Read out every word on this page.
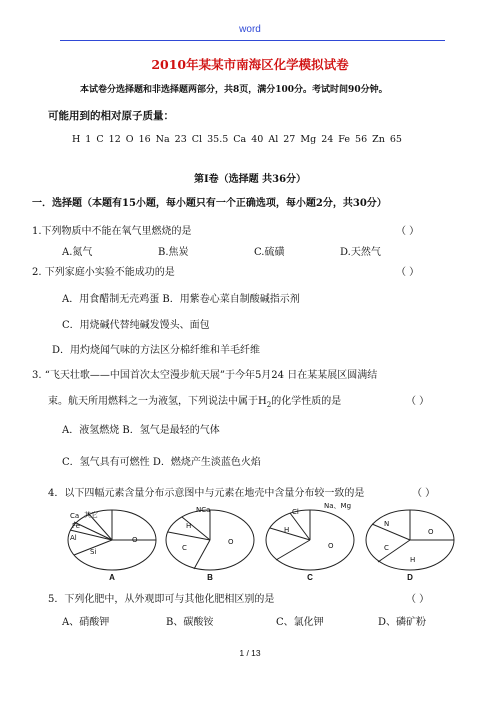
word
2010年某某市南海区化学模拟试卷
本试卷分选择题和非选择题两部分，共8页，满分100分。考试时间90分钟。
可能用到的相对原子质量：
H 1 C 12 O 16 Na 23 Cl 35.5 Ca 40 Al 27 Mg 24 Fe 56 Zn 65
第Ⅰ卷（选择题 共36分）
一．选择题（本题有15小题，每小题只有一个正确选项，每小题2分，共30分）
1.下列物质中不能在氧气里燃烧的是	（ ）
A.氮气	B.焦炭	C.硫磺	D.天然气
2. 下列家庭小实验不能成功的是	（ ）
A．用食醋制无壳鸡蛋 B．用紫卷心菜自制酸碱指示剂
C．用烧碱代替纯碱发馒头、面包
D．用灼烧闻气味的方法区分棉纤维和羊毛纤维
3. “飞天壮歌——中国首次太空漫步航天展”于今年5月24 日在某某展区圆满结
束。航天所用燃料之一为液氢，下列说法中属于$H_2$的化学性质的是	（ ）
A．液氢燃烧 B．氢气是最轻的气体
C．氢气具有可燃性 D．燃烧产生淡蓝色火焰
4．以下四幅元素含量分布示意图中与元素在地壳中含量分布较一致的是	（ ）
Ca 其它
Fe
Al
Si
O
NCa
H
C
O
Cl
Na、Mg
H
O
N
C
O
H
A	B	C	D
5．下列化肥中，从外观即可与其他化肥相区别的是	（ ）
A、硝酸钾	B、碳酸铵	C、氯化钾	D、磷矿粉
1 / 13
